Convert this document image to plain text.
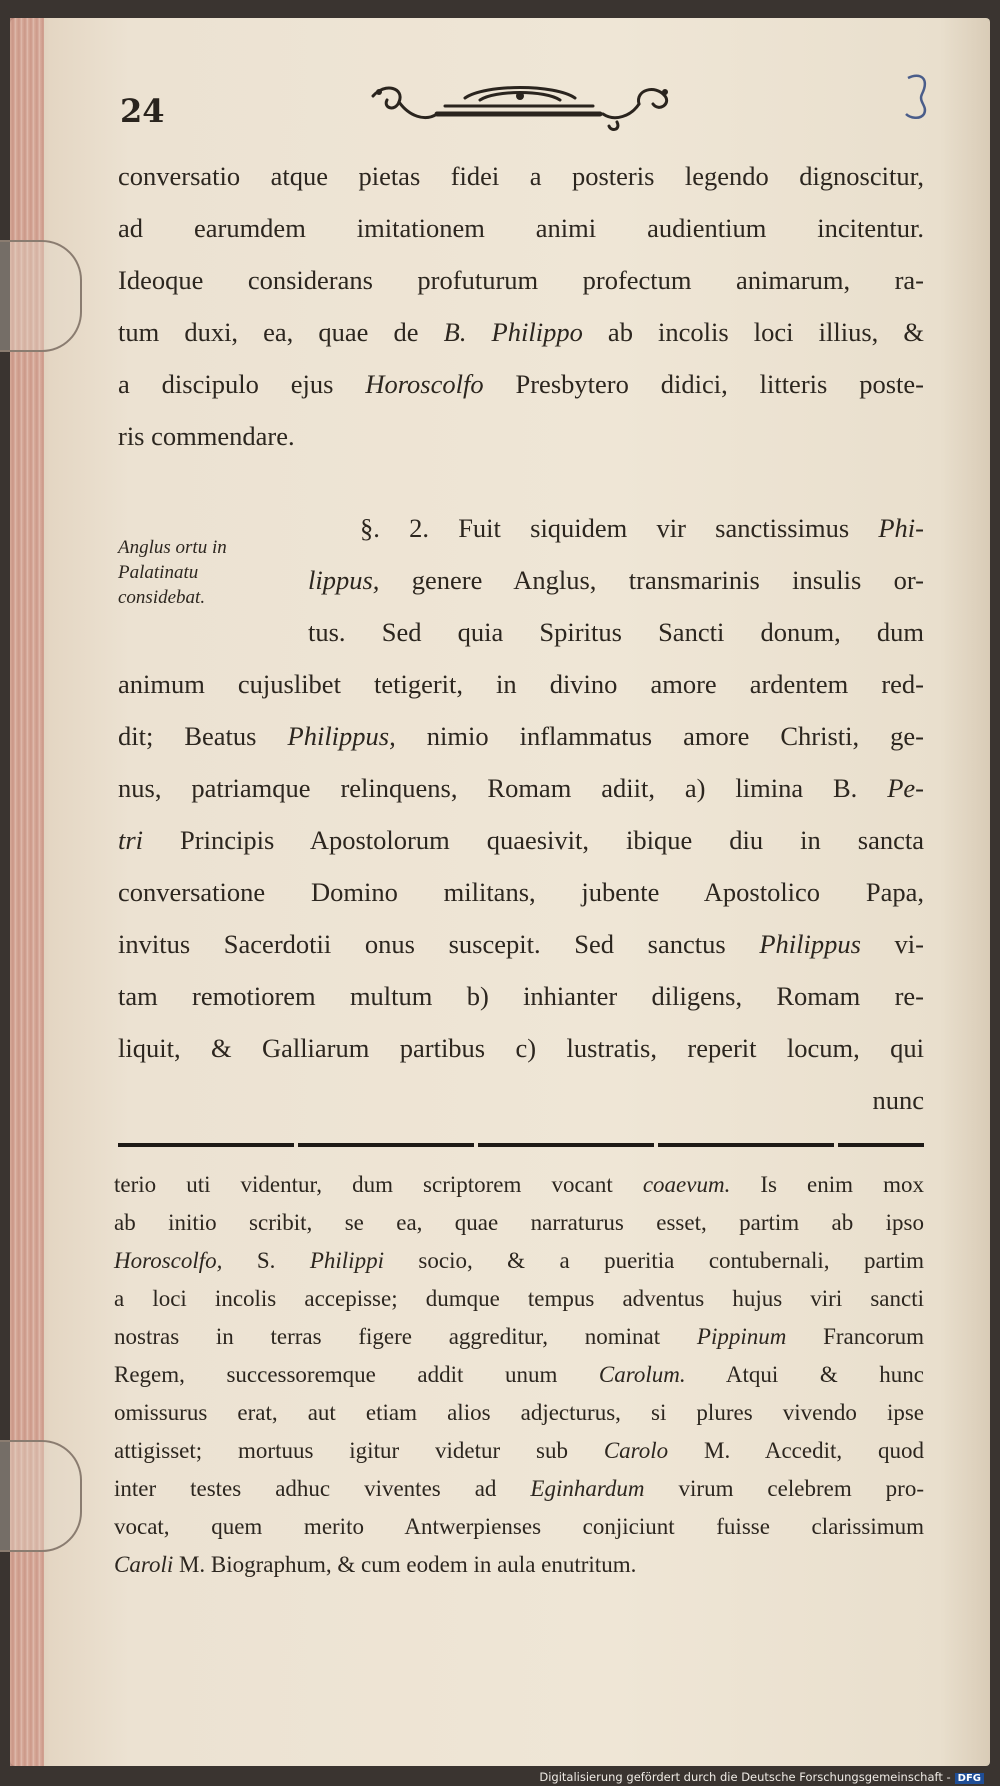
24
conversatio atque pietas fidei a posteris legendo dignoscitur,
ad earumdem imitationem animi audientium incitentur.
Ideoque considerans profuturum profectum animarum, ra-
tum duxi, ea, quae de B. Philippo ab incolis loci illius, &
a discipulo ejus Horoscolfo Presbytero didici, litteris poste-
ris commendare.
Anglus ortu in
Palatinatu
considebat.
§. 2. Fuit siquidem vir sanctissimus Phi-
lippus, genere Anglus, transmarinis insulis or-
tus. Sed quia Spiritus Sancti donum, dum
animum cujuslibet tetigerit, in divino amore ardentem red-
dit; Beatus Philippus, nimio inflammatus amore Christi, ge-
nus, patriamque relinquens, Romam adiit, a) limina B. Pe-
tri Principis Apostolorum quaesivit, ibique diu in sancta
conversatione Domino militans, jubente Apostolico Papa,
invitus Sacerdotii onus suscepit. Sed sanctus Philippus vi-
tam remotiorem multum b) inhianter diligens, Romam re-
liquit, & Galliarum partibus c) lustratis, reperit locum, qui
nunc
terio uti videntur, dum scriptorem vocant coaevum. Is enim mox
ab initio scribit, se ea, quae narraturus esset, partim ab ipso
Horoscolfo, S. Philippi socio, & a pueritia contubernali, partim
a loci incolis accepisse; dumque tempus adventus hujus viri sancti
nostras in terras figere aggreditur, nominat Pippinum Francorum
Regem, successoremque addit unum Carolum. Atqui & hunc
omissurus erat, aut etiam alios adjecturus, si plures vivendo ipse
attigisset; mortuus igitur videtur sub Carolo M. Accedit, quod
inter testes adhuc viventes ad Eginhardum virum celebrem pro-
vocat, quem merito Antwerpienses conjiciunt fuisse clarissimum
Caroli M. Biographum, & cum eodem in aula enutritum.
Digitalisierung gefördert durch die Deutsche Forschungsgemeinschaft - DFG
